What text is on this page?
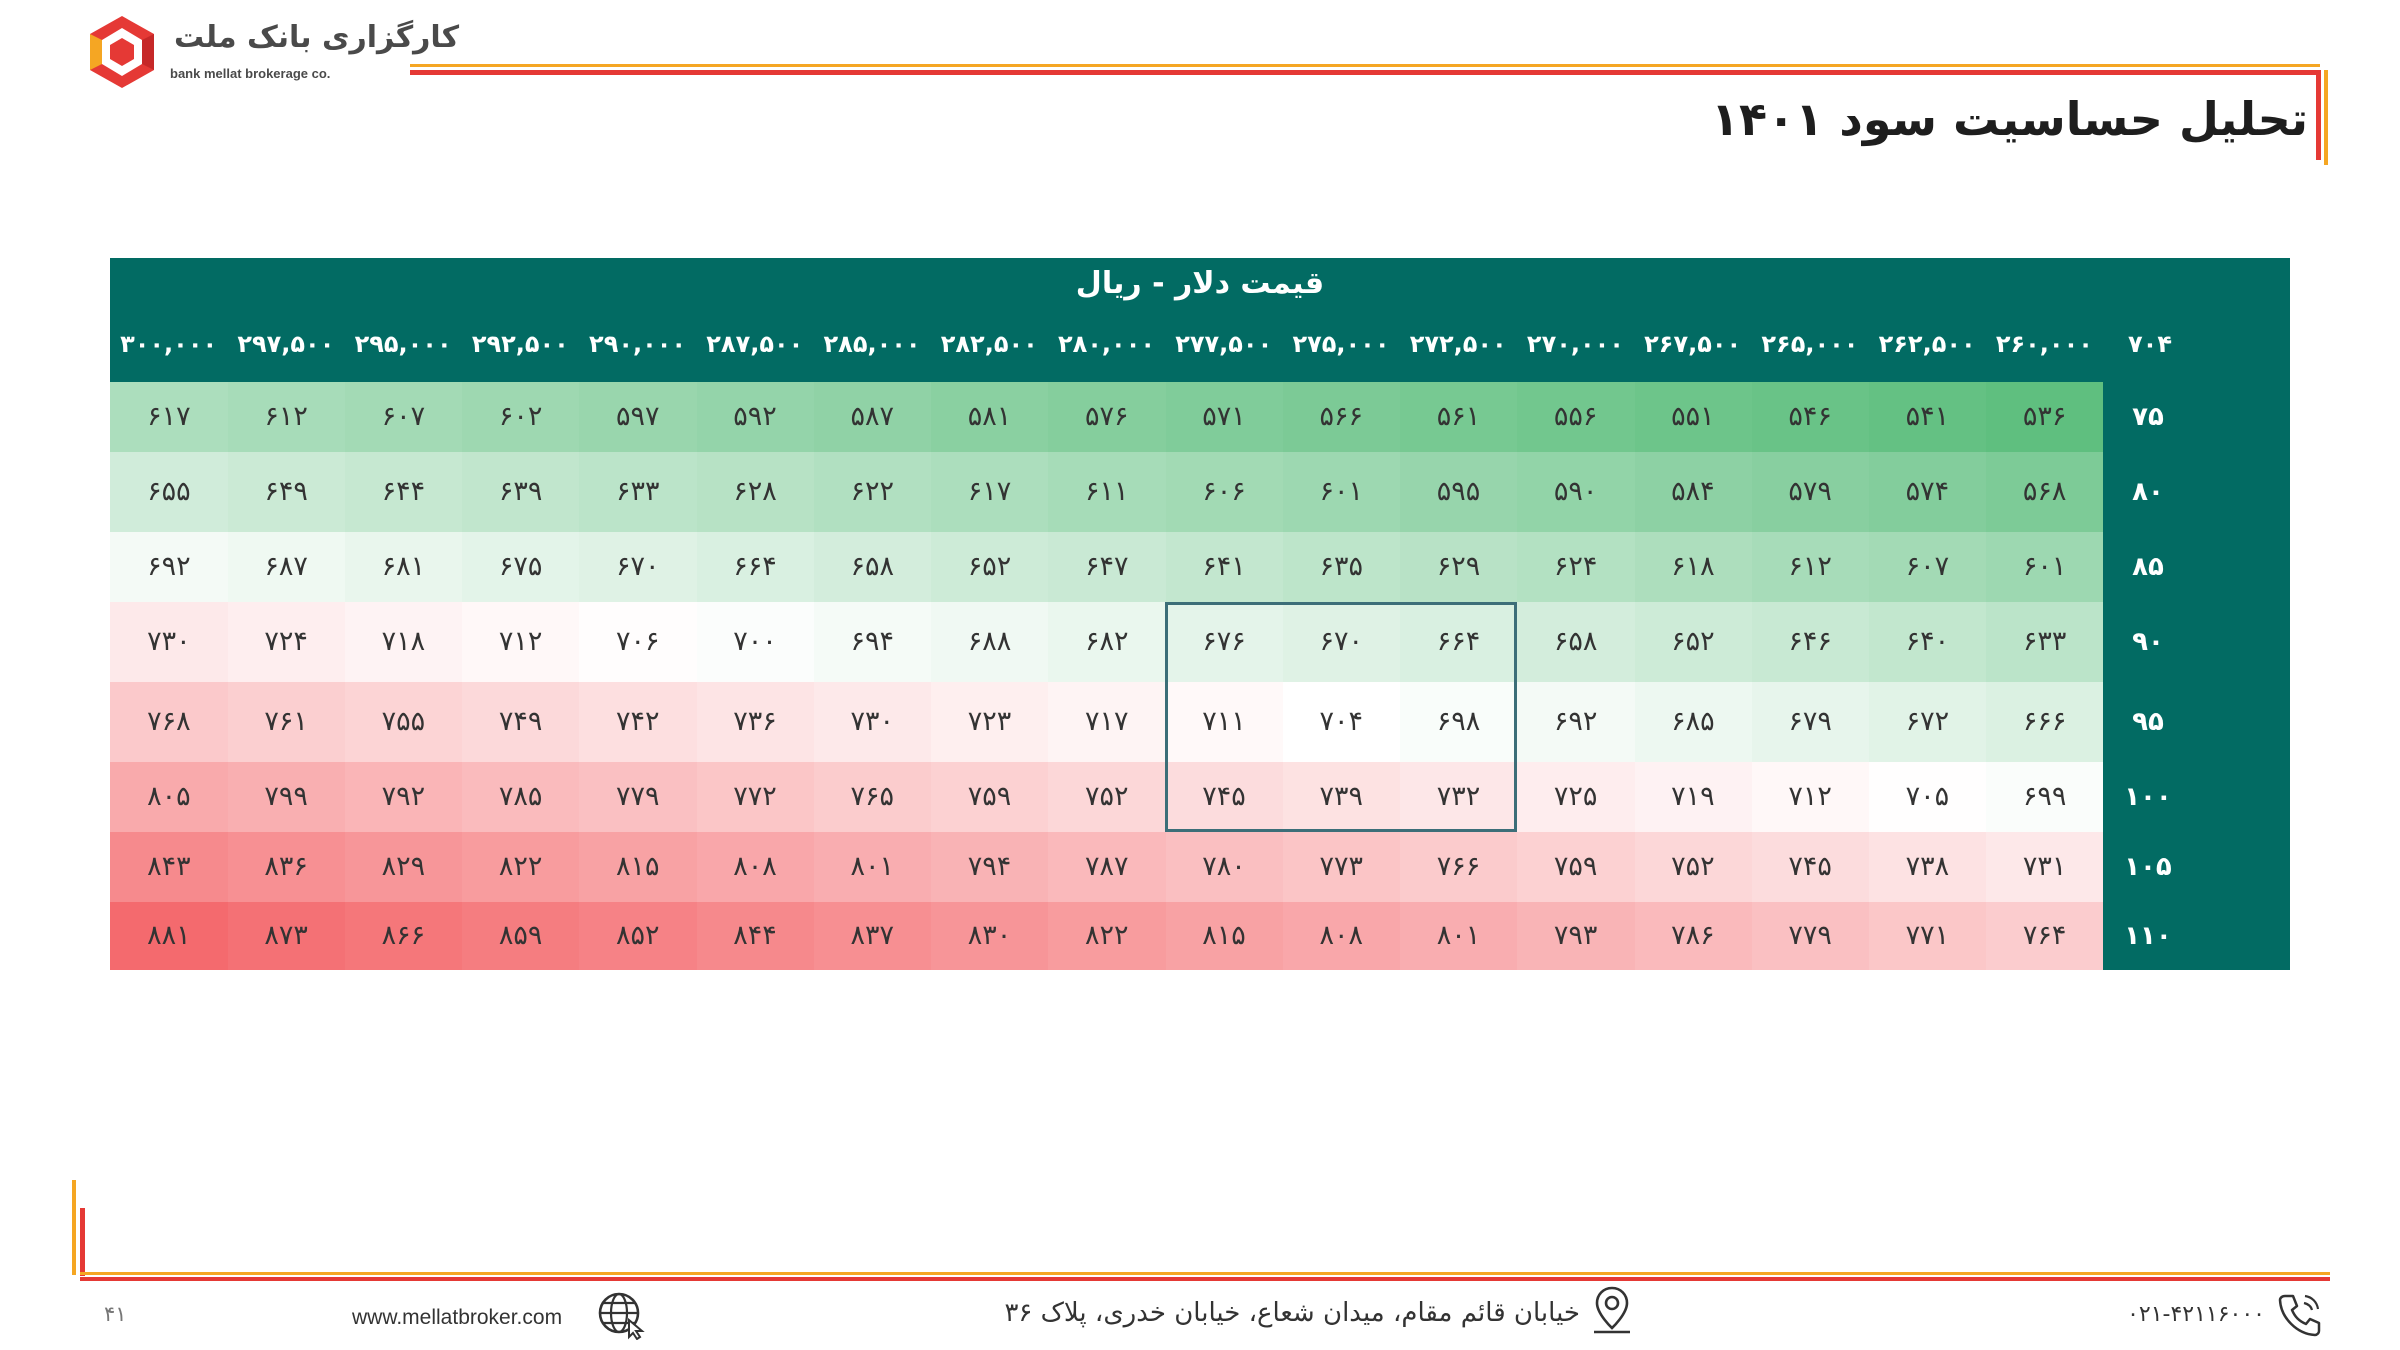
کارگزاری بانک ملت
bank mellat brokerage co.
تحلیل حساسیت سود ۱۴۰۱
قیمت دلار - ریال
قیمت نفت - دلار
۷۰۴
۲۶۰,۰۰۰
۲۶۲,۵۰۰
۲۶۵,۰۰۰
۲۶۷,۵۰۰
۲۷۰,۰۰۰
۲۷۲,۵۰۰
۲۷۵,۰۰۰
۲۷۷,۵۰۰
۲۸۰,۰۰۰
۲۸۲,۵۰۰
۲۸۵,۰۰۰
۲۸۷,۵۰۰
۲۹۰,۰۰۰
۲۹۲,۵۰۰
۲۹۵,۰۰۰
۲۹۷,۵۰۰
۳۰۰,۰۰۰
۷۵
۵۳۶
۵۴۱
۵۴۶
۵۵۱
۵۵۶
۵۶۱
۵۶۶
۵۷۱
۵۷۶
۵۸۱
۵۸۷
۵۹۲
۵۹۷
۶۰۲
۶۰۷
۶۱۲
۶۱۷
۸۰
۵۶۸
۵۷۴
۵۷۹
۵۸۴
۵۹۰
۵۹۵
۶۰۱
۶۰۶
۶۱۱
۶۱۷
۶۲۲
۶۲۸
۶۳۳
۶۳۹
۶۴۴
۶۴۹
۶۵۵
۸۵
۶۰۱
۶۰۷
۶۱۲
۶۱۸
۶۲۴
۶۲۹
۶۳۵
۶۴۱
۶۴۷
۶۵۲
۶۵۸
۶۶۴
۶۷۰
۶۷۵
۶۸۱
۶۸۷
۶۹۲
۹۰
۶۳۳
۶۴۰
۶۴۶
۶۵۲
۶۵۸
۶۶۴
۶۷۰
۶۷۶
۶۸۲
۶۸۸
۶۹۴
۷۰۰
۷۰۶
۷۱۲
۷۱۸
۷۲۴
۷۳۰
۹۵
۶۶۶
۶۷۲
۶۷۹
۶۸۵
۶۹۲
۶۹۸
۷۰۴
۷۱۱
۷۱۷
۷۲۳
۷۳۰
۷۳۶
۷۴۲
۷۴۹
۷۵۵
۷۶۱
۷۶۸
۱۰۰
۶۹۹
۷۰۵
۷۱۲
۷۱۹
۷۲۵
۷۳۲
۷۳۹
۷۴۵
۷۵۲
۷۵۹
۷۶۵
۷۷۲
۷۷۹
۷۸۵
۷۹۲
۷۹۹
۸۰۵
۱۰۵
۷۳۱
۷۳۸
۷۴۵
۷۵۲
۷۵۹
۷۶۶
۷۷۳
۷۸۰
۷۸۷
۷۹۴
۸۰۱
۸۰۸
۸۱۵
۸۲۲
۸۲۹
۸۳۶
۸۴۳
۱۱۰
۷۶۴
۷۷۱
۷۷۹
۷۸۶
۷۹۳
۸۰۱
۸۰۸
۸۱۵
۸۲۲
۸۳۰
۸۳۷
۸۴۴
۸۵۲
۸۵۹
۸۶۶
۸۷۳
۸۸۱
۰۲۱-۴۲۱۱۶۰۰۰
خیابان قائم مقام، میدان شعاع، خیابان خدری، پلاک ۳۶
www.mellatbroker.com
۴۱
